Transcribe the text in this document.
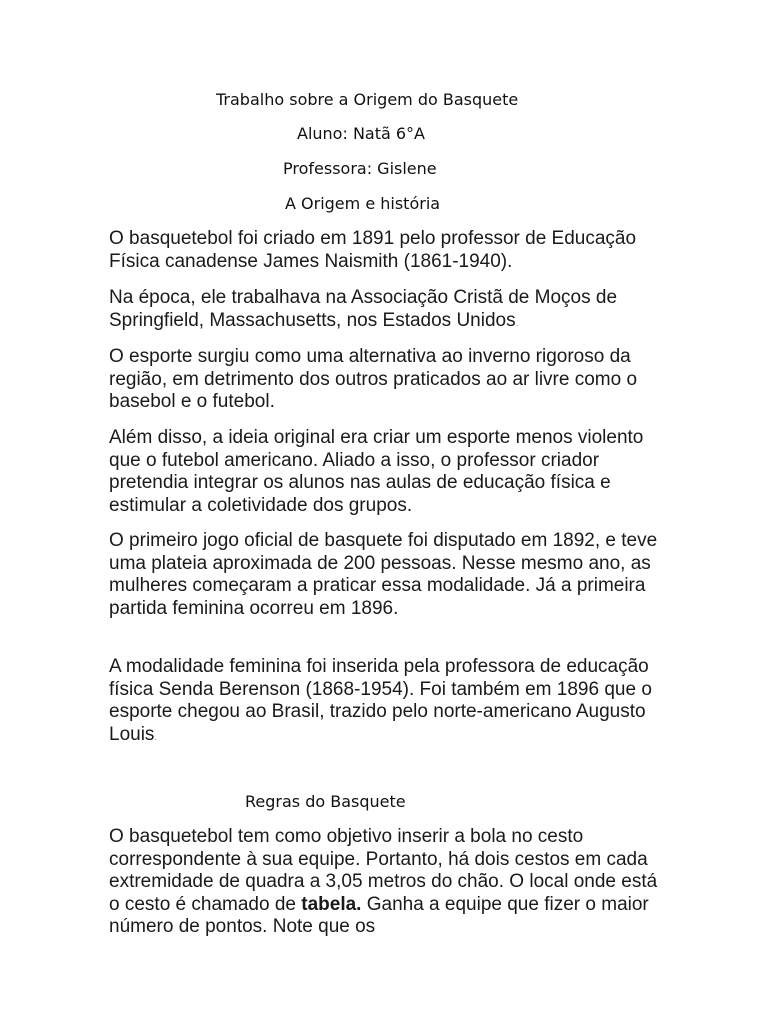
Trabalho sobre a Origem do Basquete
Aluno: Natã 6°A
Professora: Gislene
A Origem e história

O basquetebol foi criado em 1891 pelo professor de Educação Física canadense James Naismith (1861-1940).

Na época, ele trabalhava na Associação Cristã de Moços de Springfield, Massachusetts, nos Estados Unidos.

O esporte surgiu como uma alternativa ao inverno rigoroso da região, em detrimento dos outros praticados ao ar livre como o basebol e o futebol.

Além disso, a ideia original era criar um esporte menos violento que o futebol americano. Aliado a isso, o professor criador pretendia integrar os alunos nas aulas de educação física e estimular a coletividade dos grupos.

O primeiro jogo oficial de basquete foi disputado em 1892, e teve uma plateia aproximada de 200 pessoas. Nesse mesmo ano, as mulheres começaram a praticar essa modalidade. Já a primeira partida feminina ocorreu em 1896.

A modalidade feminina foi inserida pela professora de educação física Senda Berenson (1868-1954). Foi também em 1896 que o esporte chegou ao Brasil, trazido pelo norte-americano Augusto Louis.

Regras do Basquete

O basquetebol tem como objetivo inserir a bola no cesto correspondente à sua equipe. Portanto, há dois cestos em cada extremidade de quadra a 3,05 metros do chão. O local onde está o cesto é chamado de tabela. Ganha a equipe que fizer o maior número de pontos. Note que os
